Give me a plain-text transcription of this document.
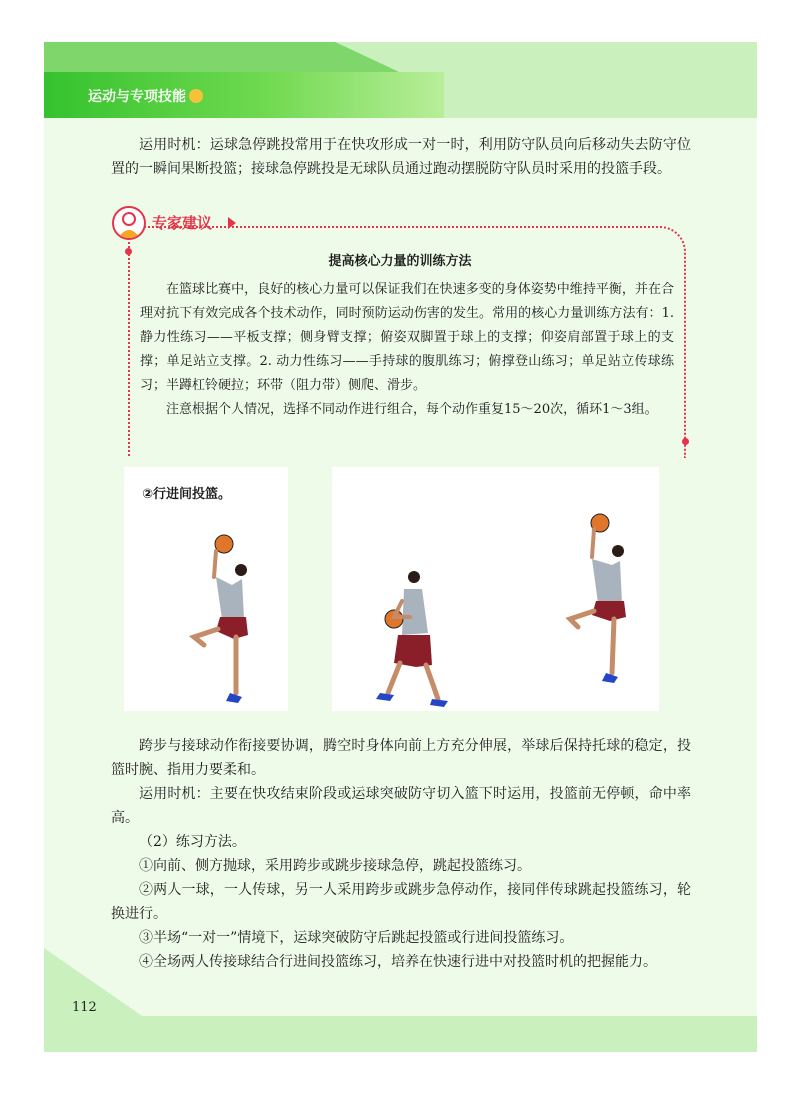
运动与专项技能

运用时机：运球急停跳投常用于在快攻形成一对一时，利用防守队员向后移动失去防守位置的一瞬间果断投篮；接球急停跳投是无球队员通过跑动摆脱防守队员时采用的投篮手段。

专家建议
提高核心力量的训练方法

在篮球比赛中，良好的核心力量可以保证我们在快速多变的身体姿势中维持平衡，并在合理对抗下有效完成各个技术动作，同时预防运动伤害的发生。常用的核心力量训练方法有：1. 静力性练习——平板支撑；侧身臂支撑；俯姿双脚置于球上的支撑；仰姿肩部置于球上的支撑；单足站立支撑。2. 动力性练习——手持球的腹肌练习；俯撑登山练习；单足站立传球练习；半蹲杠铃硬拉；环带（阻力带）侧爬、滑步。

注意根据个人情况，选择不同动作进行组合，每个动作重复15～20次，循环1～3组。

②行进间投篮。

跨步与接球动作衔接要协调，腾空时身体向前上方充分伸展，举球后保持托球的稳定，投篮时腕、指用力要柔和。

运用时机：主要在快攻结束阶段或运球突破防守切入篮下时运用，投篮前无停顿，命中率高。

（2）练习方法。

①向前、侧方抛球，采用跨步或跳步接球急停，跳起投篮练习。

②两人一球，一人传球，另一人采用跨步或跳步急停动作，接同伴传球跳起投篮练习，轮换进行。

③半场“一对一”情境下，运球突破防守后跳起投篮或行进间投篮练习。

④全场两人传接球结合行进间投篮练习，培养在快速行进中对投篮时机的把握能力。

112
